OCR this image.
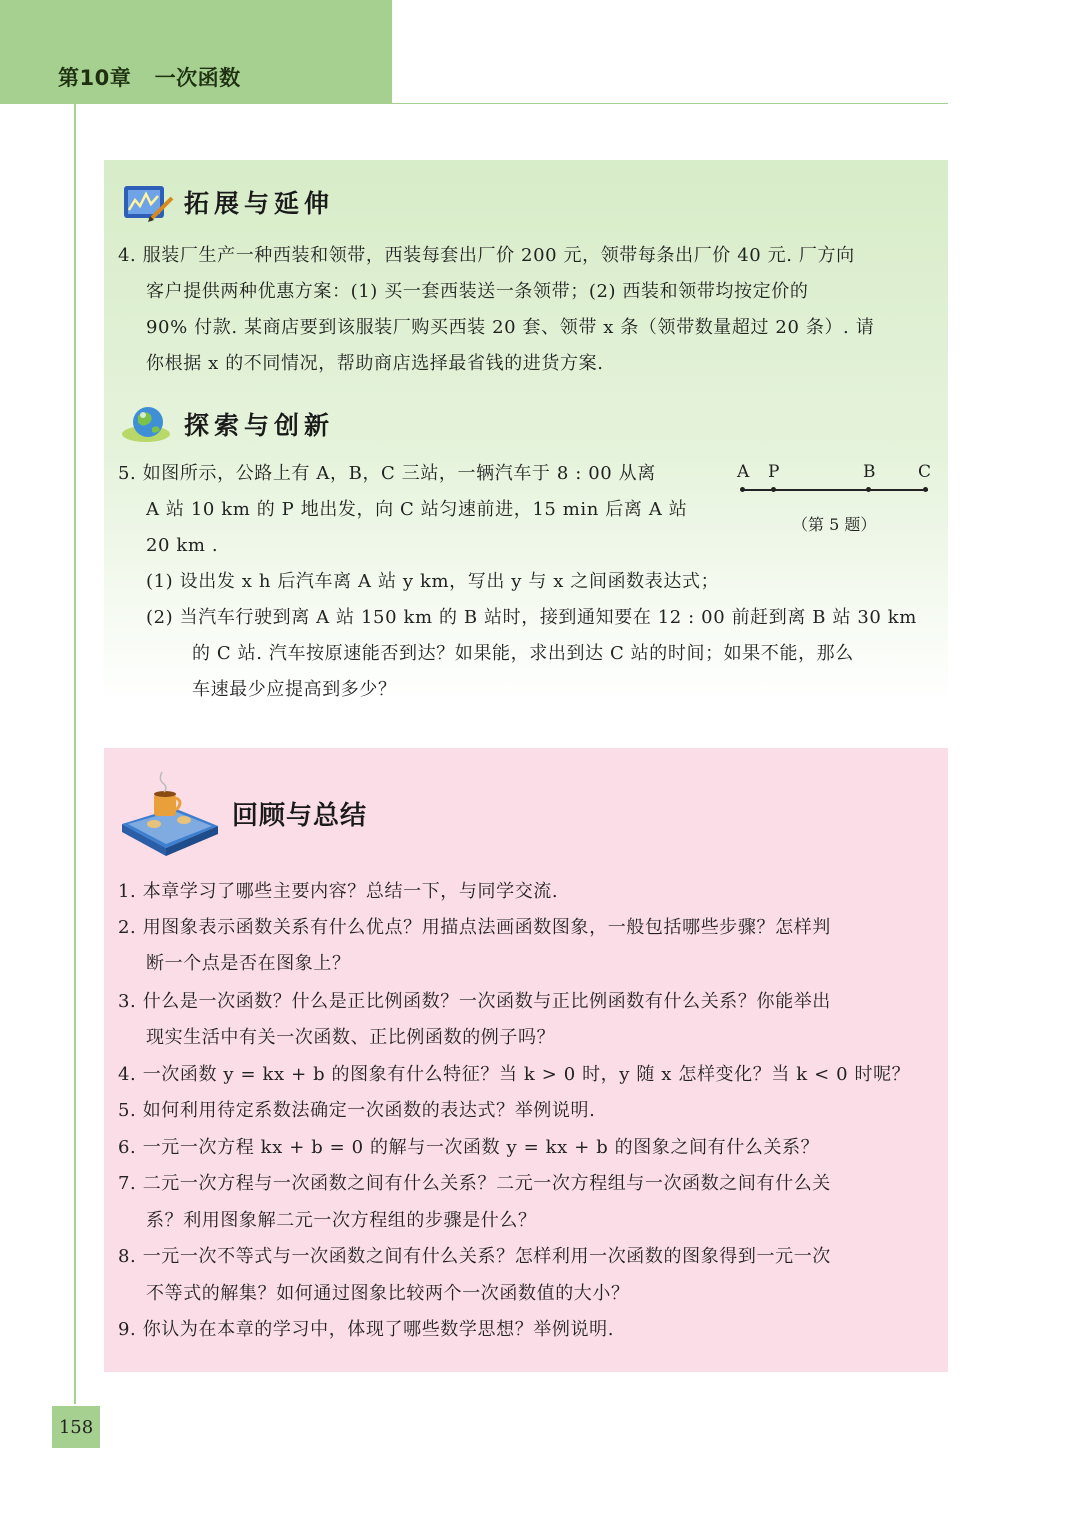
第10章   一次函数
158
拓展与延伸
4. 服装厂生产一种西装和领带，西装每套出厂价 200 元，领带每条出厂价 40 元. 厂方向
客户提供两种优惠方案：(1) 买一套西装送一条领带；(2) 西装和领带均按定价的
90% 付款. 某商店要到该服装厂购买西装 20 套、领带 x 条（领带数量超过 20 条）. 请
你根据 x 的不同情况，帮助商店选择最省钱的进货方案.
探索与创新
5. 如图所示，公路上有 A，B，C 三站，一辆汽车于 8 : 00 从离
A 站 10 km 的 P 地出发，向 C 站匀速前进，15 min 后离 A 站
20 km .
(1) 设出发 x h 后汽车离 A 站 y km，写出 y 与 x 之间函数表达式；
(2) 当汽车行驶到离 A 站 150 km 的 B 站时，接到通知要在 12 : 00 前赶到离 B 站 30 km
的 C 站. 汽车按原速能否到达？如果能，求出到达 C 站的时间；如果不能，那么
车速最少应提高到多少？
A P	B	C
（第 5 题）
回顾与总结
1. 本章学习了哪些主要内容？总结一下，与同学交流.
2. 用图象表示函数关系有什么优点？用描点法画函数图象，一般包括哪些步骤？怎样判
断一个点是否在图象上？
3. 什么是一次函数？什么是正比例函数？一次函数与正比例函数有什么关系？你能举出
现实生活中有关一次函数、正比例函数的例子吗？
4. 一次函数 y = kx + b 的图象有什么特征？当 k > 0 时，y 随 x 怎样变化？当 k < 0 时呢？
5. 如何利用待定系数法确定一次函数的表达式？举例说明.
6. 一元一次方程 kx + b = 0 的解与一次函数 y = kx + b 的图象之间有什么关系？
7. 二元一次方程与一次函数之间有什么关系？二元一次方程组与一次函数之间有什么关
系？利用图象解二元一次方程组的步骤是什么？
8. 一元一次不等式与一次函数之间有什么关系？怎样利用一次函数的图象得到一元一次
不等式的解集？如何通过图象比较两个一次函数值的大小？
9. 你认为在本章的学习中，体现了哪些数学思想？举例说明.
